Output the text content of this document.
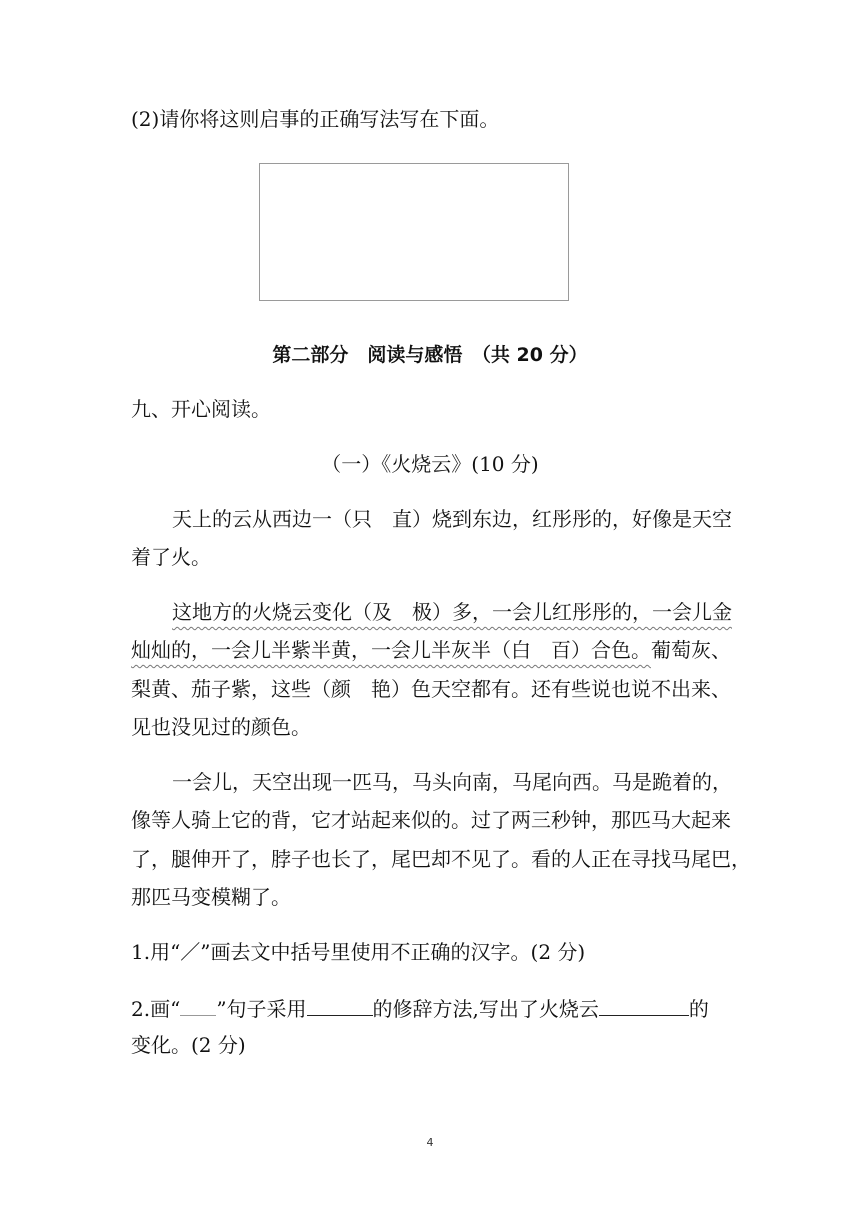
(2)请你将这则启事的正确写法写在下面。
第二部分　阅读与感悟　（共 20 分）
九、开心阅读。
（一）《火烧云》(10 分)
天上的云从西边一（只　直）烧到东边，红彤彤的，好像是天空
着了火。
这地方的火烧云变化（及　极）多，一会儿红彤彤的，一会儿金
灿灿的，一会儿半紫半黄，一会儿半灰半（白　百）合色。葡萄灰、
梨黄、茄子紫，这些（颜　艳）色天空都有。还有些说也说不出来、
见也没见过的颜色。
一会儿，天空出现一匹马，马头向南，马尾向西。马是跪着的，
像等人骑上它的背，它才站起来似的。过了两三秒钟，那匹马大起来
了，腿伸开了，脖子也长了，尾巴却不见了。看的人正在寻找马尾巴，
那匹马变模糊了。
1.用“／”画去文中括号里使用不正确的汉字。(2 分)
2.画“ ”句子采用	的修辞方法,写出了火烧云	的
变化。(2 分)
4
